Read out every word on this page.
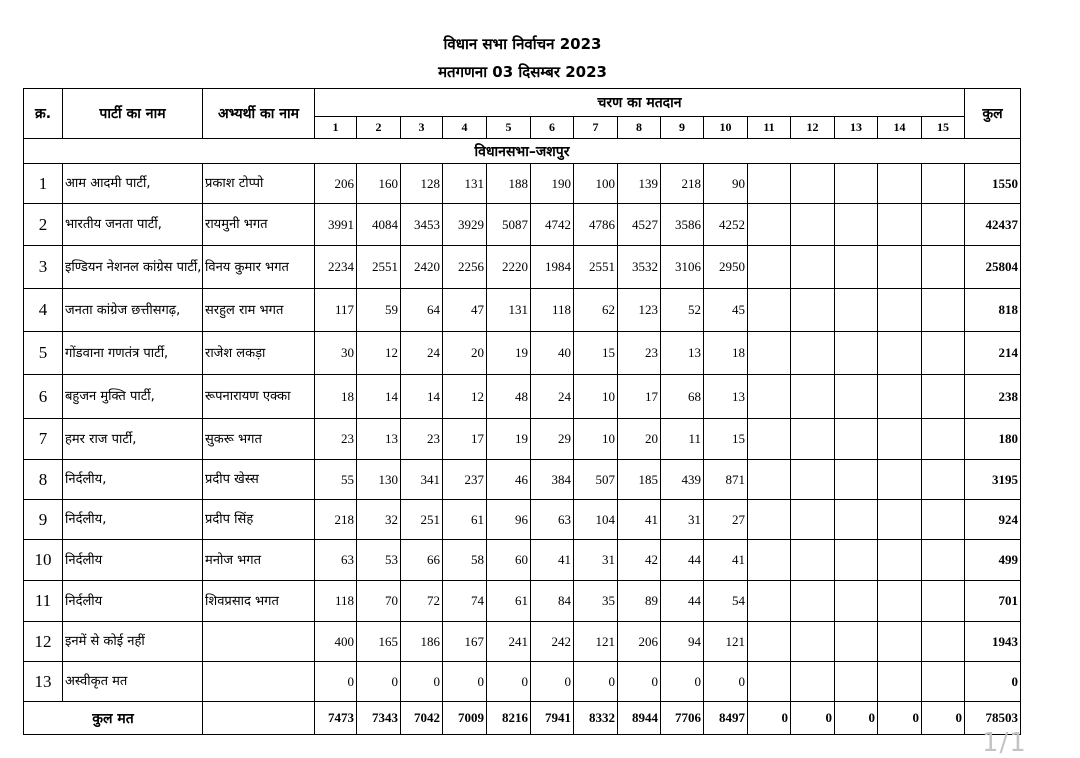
विधान सभा निर्वाचन 2023
मतगणना 03 दिसम्बर 2023
क्र.	पार्टी का नाम	अभ्यर्थी का नाम	चरण का मतदान															कुल
			1	2	3	4	5	6	7	8	9	10	11	12	13	14	15	
विधानसभा–जशपुर																		
1	आम आदमी पार्टी,	प्रकाश टोप्पो	206	160	128	131	188	190	100	139	218	90						1550
2	भारतीय जनता पार्टी,	रायमुनी भगत	3991	4084	3453	3929	5087	4742	4786	4527	3586	4252						42437
3	इण्डियन नेशनल कांग्रेस पार्टी,	विनय कुमार भगत	2234	2551	2420	2256	2220	1984	2551	3532	3106	2950						25804
4	जनता कांग्रेज छत्तीसगढ़,	सरहुल राम भगत	117	59	64	47	131	118	62	123	52	45						818
5	गोंडवाना गणतंत्र पार्टी,	राजेश लकड़ा	30	12	24	20	19	40	15	23	13	18						214
6	बहुजन मुक्ति पार्टी,	रूपनारायण एक्का	18	14	14	12	48	24	10	17	68	13						238
7	हमर राज पार्टी,	सुकरू भगत	23	13	23	17	19	29	10	20	11	15						180
8	निर्दलीय,	प्रदीप खेस्स	55	130	341	237	46	384	507	185	439	871						3195
9	निर्दलीय,	प्रदीप सिंह	218	32	251	61	96	63	104	41	31	27						924
10	निर्दलीय	मनोज भगत	63	53	66	58	60	41	31	42	44	41						499
11	निर्दलीय	शिवप्रसाद भगत	118	70	72	74	61	84	35	89	44	54						701
12	इनमें से कोई नहीं		400	165	186	167	241	242	121	206	94	121						1943
13	अस्वीकृत मत		0	0	0	0	0	0	0	0	0	0						0
कुल मत			7473	7343	7042	7009	8216	7941	8332	8944	7706	8497	0	0	0	0	0	78503
1/1
